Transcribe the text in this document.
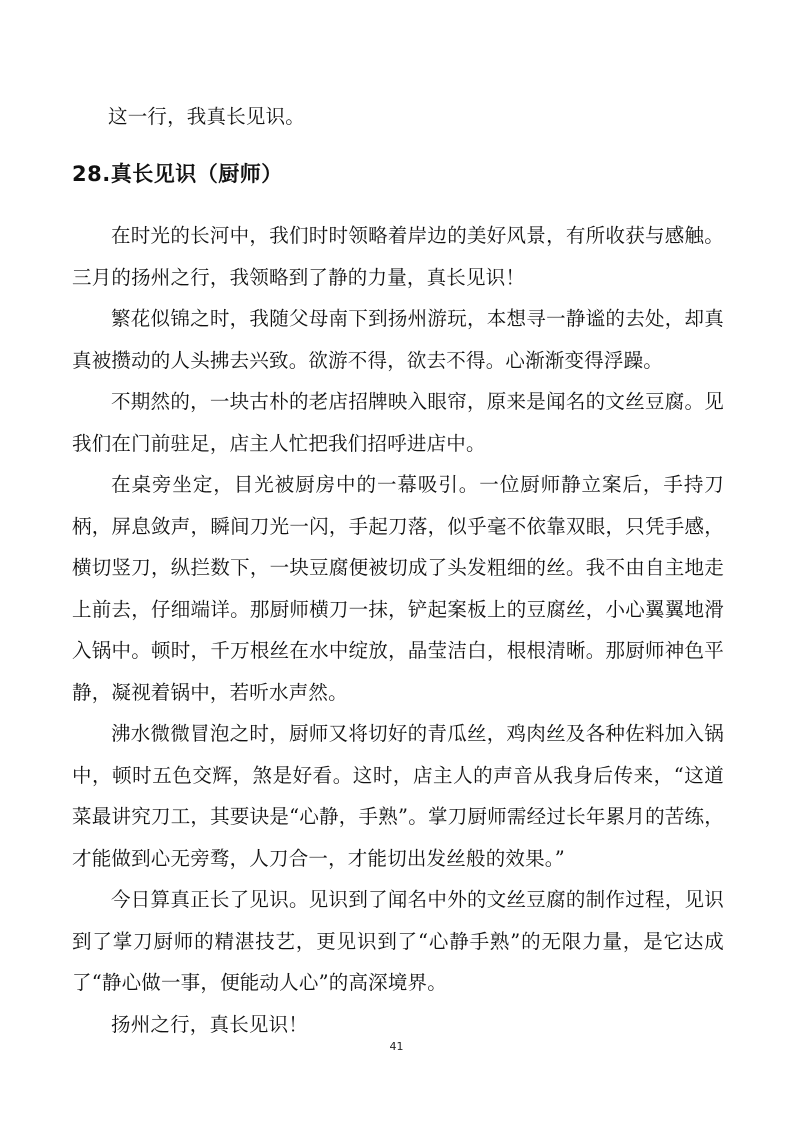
这一行，我真长见识。

28.真长见识（厨师）

在时光的长河中，我们时时领略着岸边的美好风景，有所收获与感触。三月的扬州之行，我领略到了静的力量，真长见识！

繁花似锦之时，我随父母南下到扬州游玩，本想寻一静谧的去处，却真真被攒动的人头拂去兴致。欲游不得，欲去不得。心渐渐变得浮躁。

不期然的，一块古朴的老店招牌映入眼帘，原来是闻名的文丝豆腐。见我们在门前驻足，店主人忙把我们招呼进店中。

在桌旁坐定，目光被厨房中的一幕吸引。一位厨师静立案后，手持刀柄，屏息敛声，瞬间刀光一闪，手起刀落，似乎毫不依靠双眼，只凭手感，横切竖刀，纵拦数下，一块豆腐便被切成了头发粗细的丝。我不由自主地走上前去，仔细端详。那厨师横刀一抹，铲起案板上的豆腐丝，小心翼翼地滑入锅中。顿时，千万根丝在水中绽放，晶莹洁白，根根清晰。那厨师神色平静，凝视着锅中，若听水声然。

沸水微微冒泡之时，厨师又将切好的青瓜丝，鸡肉丝及各种佐料加入锅中，顿时五色交辉，煞是好看。这时，店主人的声音从我身后传来，“这道菜最讲究刀工，其要诀是“心静，手熟”。掌刀厨师需经过长年累月的苦练，才能做到心无旁骛，人刀合一，才能切出发丝般的效果。”

今日算真正长了见识。见识到了闻名中外的文丝豆腐的制作过程，见识到了掌刀厨师的精湛技艺，更见识到了“心静手熟”的无限力量，是它达成了“静心做一事，便能动人心”的高深境界。

扬州之行，真长见识！

41
